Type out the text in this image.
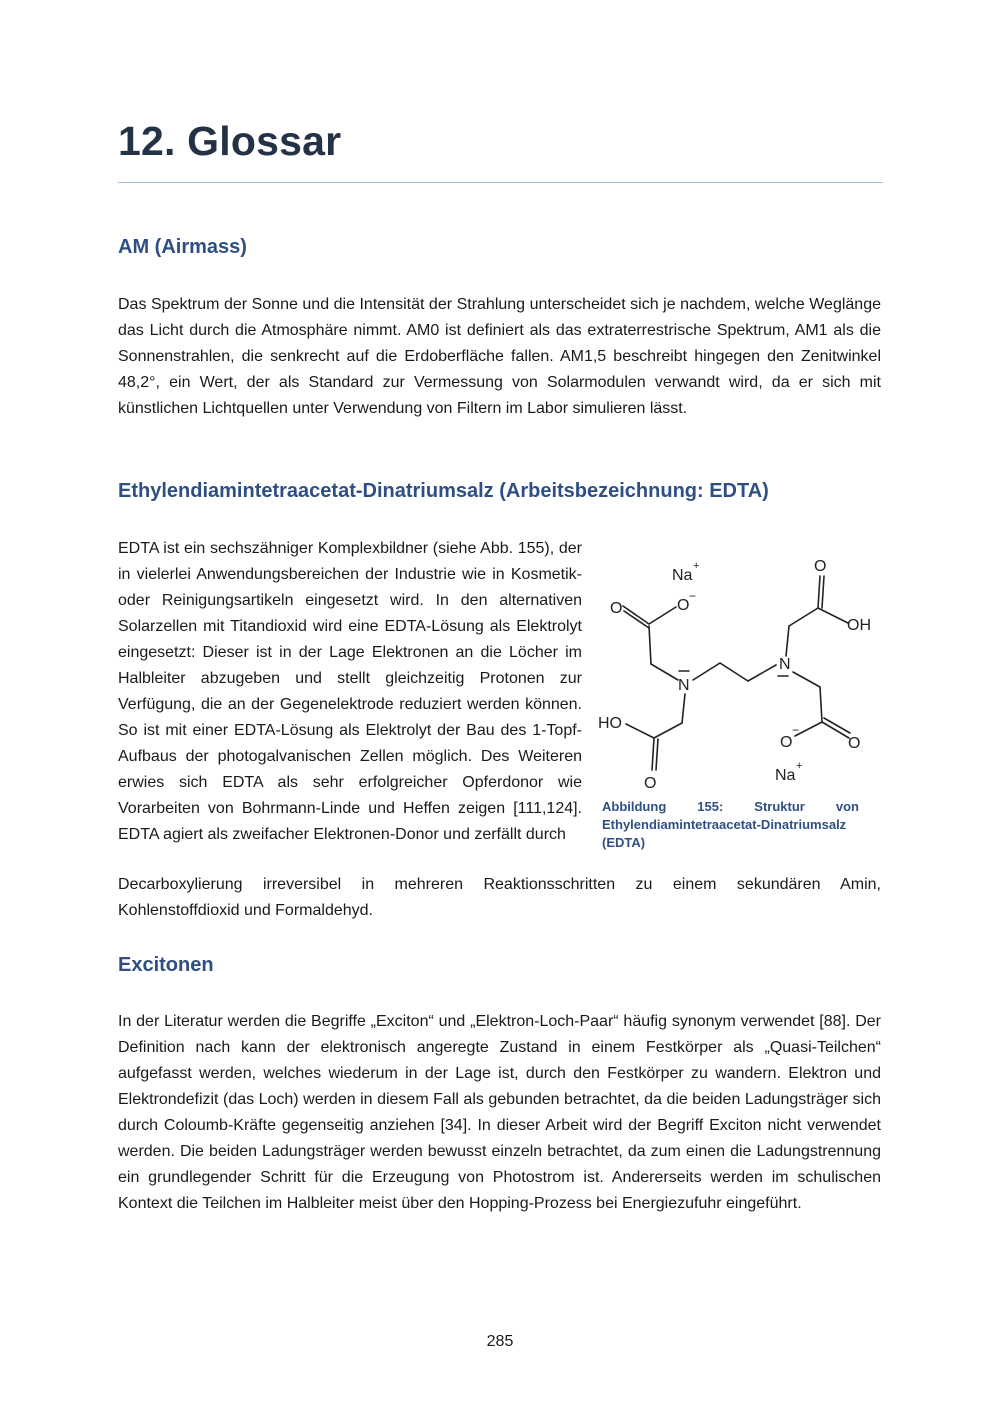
12. Glossar
AM (Airmass)

Das Spektrum der Sonne und die Intensität der Strahlung unterscheidet sich je nachdem, welche Weglänge das Licht durch die Atmosphäre nimmt. AM0 ist definiert als das extraterrestrische Spektrum, AM1 als die Sonnenstrahlen, die senkrecht auf die Erdoberfläche fallen. AM1,5 beschreibt hingegen den Zenitwinkel 48,2°, ein Wert, der als Standard zur Vermessung von Solarmodulen verwandt wird, da er sich mit künstlichen Lichtquellen unter Verwendung von Filtern im Labor simulieren lässt.

Ethylendiamintetraacetat-Dinatriumsalz (Arbeitsbezeichnung: EDTA)

EDTA ist ein sechszähniger Komplexbildner (siehe Abb. 155), der in vielerlei Anwendungsbereichen der Industrie wie in Kosmetik- oder Reinigungsartikeln eingesetzt wird. In den alternativen Solarzellen mit Titandioxid wird eine EDTA-Lösung als Elektrolyt eingesetzt: Dieser ist in der Lage Elektronen an die Löcher im Halbleiter abzugeben und stellt gleichzeitig Protonen zur Verfügung, die an der Gegenelektrode reduziert werden können. So ist mit einer EDTA-Lösung als Elektrolyt der Bau des 1-Topf-Aufbaus der photogalvanischen Zellen möglich. Des Weiteren erwies sich EDTA als sehr erfolgreicher Opferdonor wie Vorarbeiten von Bohrmann-Linde und Heffen zeigen [111,124]. EDTA agiert als zweifacher Elektronen-Donor und zerfällt durch

Decarboxylierung irreversibel in mehreren Reaktionsschritten zu einem sekundären Amin,
Kohlenstoffdioxid und Formaldehyd.
Na
+	O
O	O
−
OH
N
N
HO
O
−
O
O	Na
+

Abbildung 155: Struktur von
Ethylendiamintetraacetat-Dinatriumsalz (EDTA)

Excitonen

In der Literatur werden die Begriffe „Exciton“ und „Elektron-Loch-Paar“ häufig synonym verwendet [88]. Der Definition nach kann der elektronisch angeregte Zustand in einem Festkörper als „Quasi-Teilchen“ aufgefasst werden, welches wiederum in der Lage ist, durch den Festkörper zu wandern. Elektron und Elektrondefizit (das Loch) werden in diesem Fall als gebunden betrachtet, da die beiden Ladungsträger sich durch Coloumb-Kräfte gegenseitig anziehen [34]. In dieser Arbeit wird der Begriff Exciton nicht verwendet werden. Die beiden Ladungsträger werden bewusst einzeln betrachtet, da zum einen die Ladungstrennung ein grundlegender Schritt für die Erzeugung von Photostrom ist. Andererseits werden im schulischen Kontext die Teilchen im Halbleiter meist über den Hopping-Prozess bei Energiezufuhr eingeführt.

285
